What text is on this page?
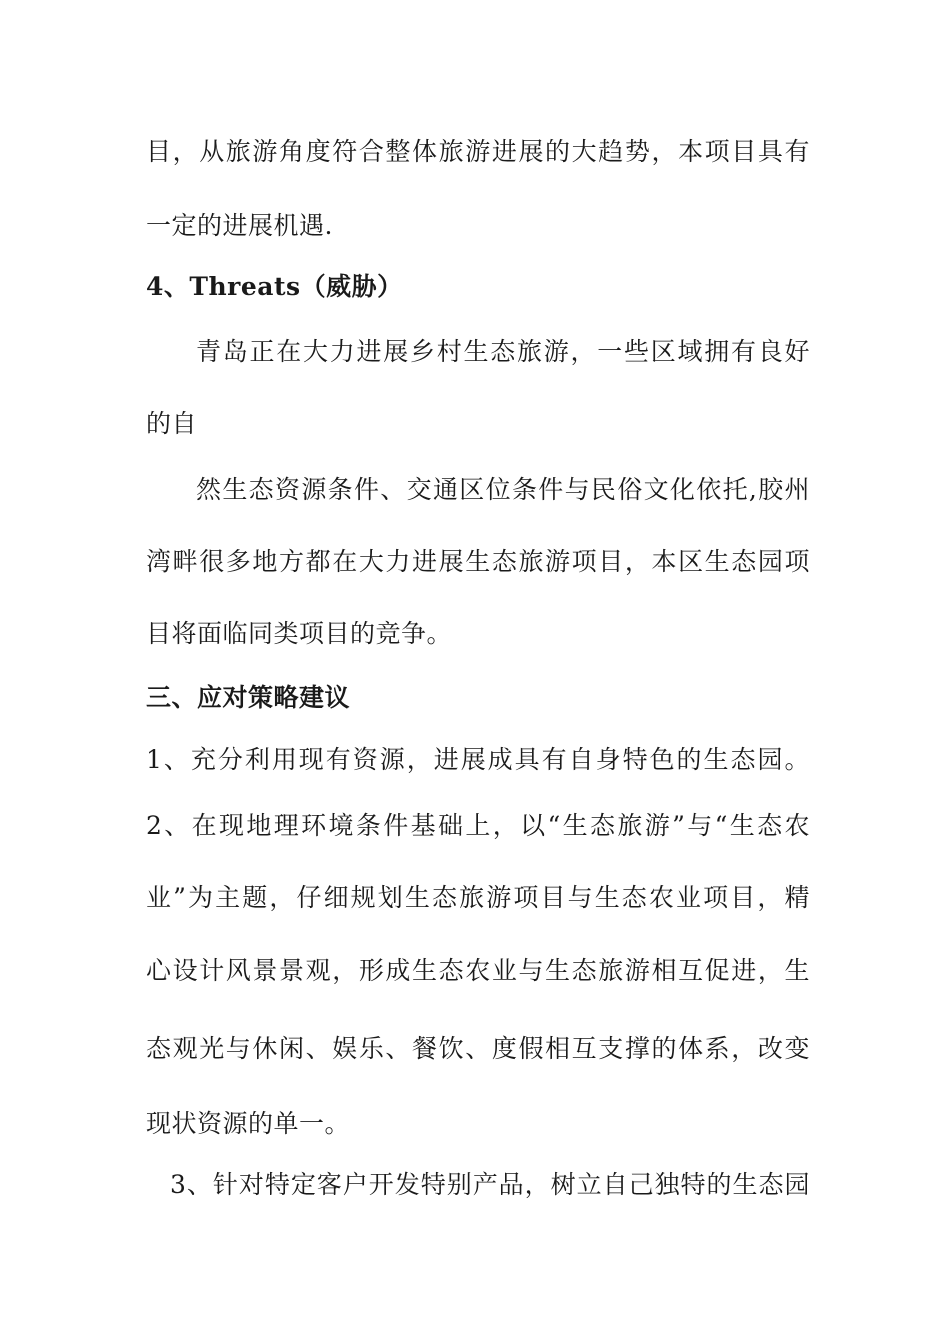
目，从旅游角度符合整体旅游进展的大趋势，本项目具有
一定的进展机遇.
4、Threats（威胁）
青岛正在大力进展乡村生态旅游，一些区域拥有良好
的自
然生态资源条件、交通区位条件与民俗文化依托,胶州
湾畔很多地方都在大力进展生态旅游项目，本区生态园项
目将面临同类项目的竞争。
三、应对策略建议
1、充分利用现有资源，进展成具有自身特色的生态园。
2、在现地理环境条件基础上，以“生态旅游”与“生态农
业”为主题，仔细规划生态旅游项目与生态农业项目，精
心设计风景景观，形成生态农业与生态旅游相互促进，生
态观光与休闲、娱乐、餐饮、度假相互支撑的体系，改变
现状资源的单一。
3、针对特定客户开发特别产品，树立自己独特的生态园
